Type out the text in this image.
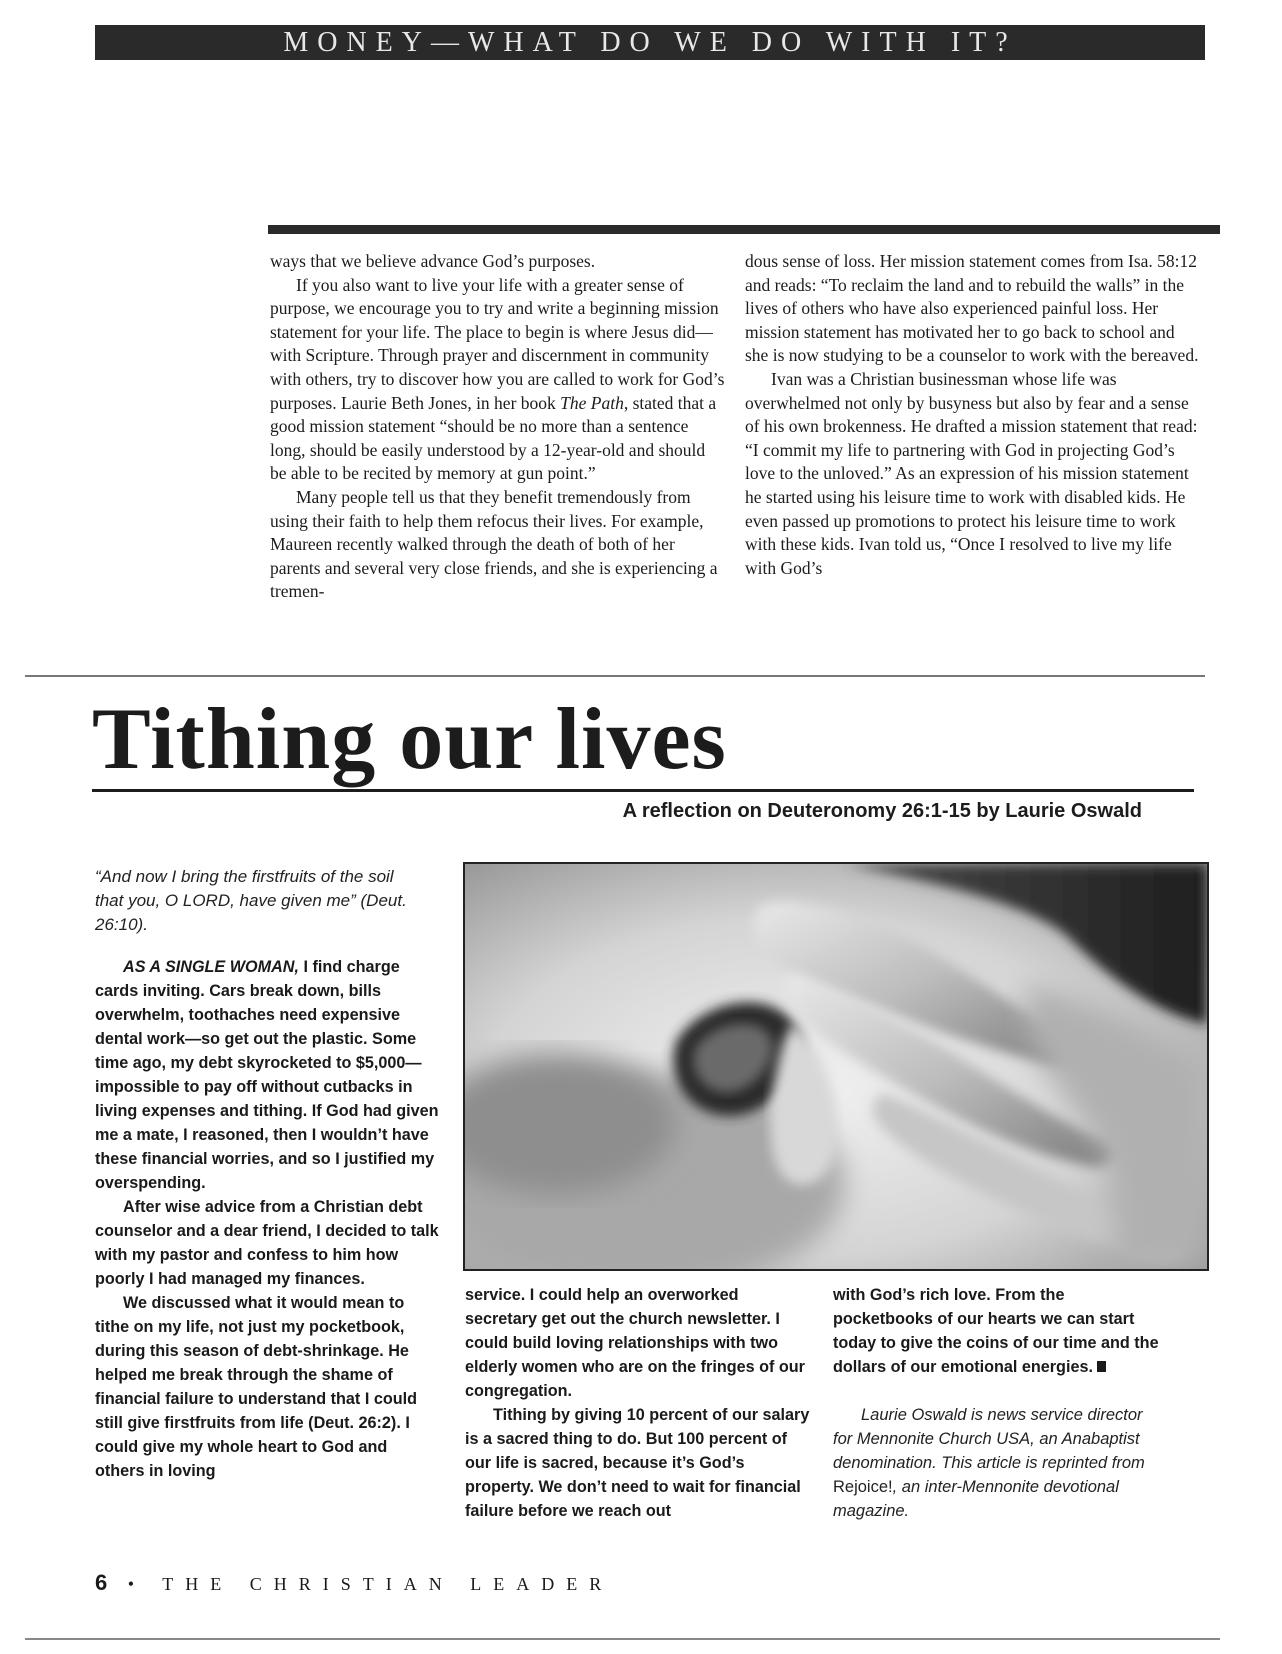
MONEY—WHAT DO WE DO WITH IT?

ways that we believe advance God’s purposes.

If you also want to live your life with a greater sense of purpose, we encourage you to try and write a beginning mission statement for your life. The place to begin is where Jesus did—with Scripture. Through prayer and discernment in community with others, try to discover how you are called to work for God’s purposes. Laurie Beth Jones, in her book The Path, stated that a good mission statement “should be no more than a sentence long, should be easily understood by a 12-year-old and should be able to be recited by memory at gun point.”

Many people tell us that they benefit tremendously from using their faith to help them refocus their lives. For example, Maureen recently walked through the death of both of her parents and several very close friends, and she is experiencing a tremen-

dous sense of loss. Her mission statement comes from Isa. 58:12 and reads: “To reclaim the land and to rebuild the walls” in the lives of others who have also experienced painful loss. Her mission statement has motivated her to go back to school and she is now studying to be a counselor to work with the bereaved.

Ivan was a Christian businessman whose life was overwhelmed not only by busyness but also by fear and a sense of his own brokenness. He drafted a mission statement that read: “I commit my life to partnering with God in projecting God’s love to the unloved.” As an expression of his mission statement he started using his leisure time to work with disabled kids. He even passed up promotions to protect his leisure time to work with these kids. Ivan told us, “Once I resolved to live my life with God’s

Tithing our lives
A reflection on Deuteronomy 26:1-15 by Laurie Oswald
“And now I bring the firstfruits of the soil that you, O LORD, have given me” (Deut. 26:10).

AS A SINGLE WOMAN, I find charge cards inviting. Cars break down, bills overwhelm, toothaches need expensive dental work—so get out the plastic. Some time ago, my debt skyrocketed to $5,000—impossible to pay off without cutbacks in living expenses and tithing. If God had given me a mate, I reasoned, then I wouldn’t have these financial worries, and so I justified my overspending.

After wise advice from a Christian debt counselor and a dear friend, I decided to talk with my pastor and confess to him how poorly I had managed my finances.

We discussed what it would mean to tithe on my life, not just my pocketbook, during this season of debt-shrinkage. He helped me break through the shame of financial failure to understand that I could still give firstfruits from life (Deut. 26:2). I could give my whole heart to God and others in loving

service. I could help an overworked secretary get out the church newsletter. I could build loving relationships with two elderly women who are on the fringes of our congregation.

Tithing by giving 10 percent of our salary is a sacred thing to do. But 100 percent of our life is sacred, because it’s God’s property. We don’t need to wait for financial failure before we reach out

with God’s rich love. From the pocketbooks of our hearts we can start today to give the coins of our time and the dollars of our emotional energies.

Laurie Oswald is news service director for Mennonite Church USA, an Anabaptist denomination. This article is reprinted from Rejoice!, an inter-Mennonite devotional magazine.
6 • THE CHRISTIAN LEADER
